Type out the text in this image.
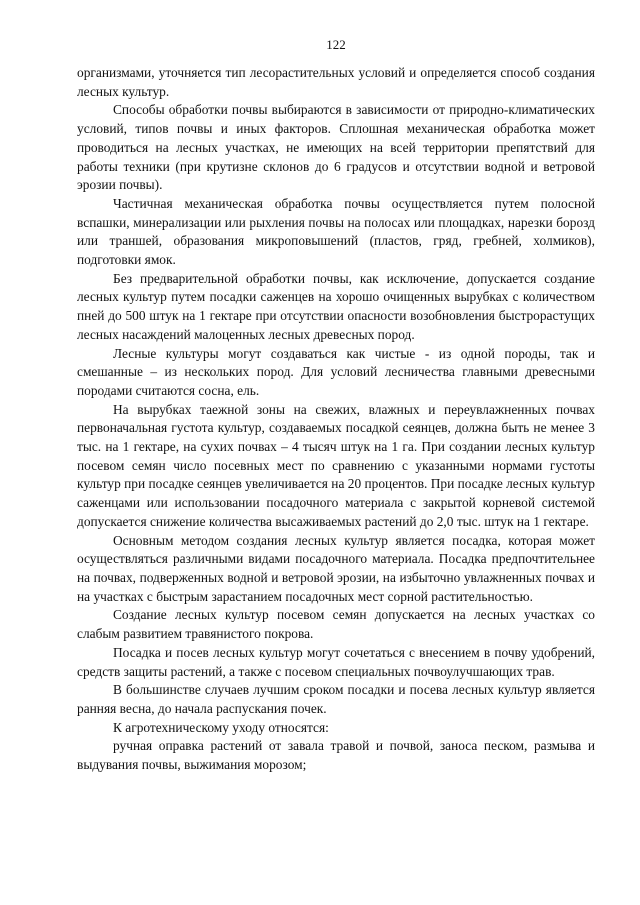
122

организмами, уточняется тип лесорастительных условий и определяется способ создания лесных культур.

Способы обработки почвы выбираются в зависимости от природно-климатических условий, типов почвы и иных факторов. Сплошная механическая обработка может проводиться на лесных участках, не имеющих на всей территории препятствий для работы техники (при крутизне склонов до 6 градусов и отсутствии водной и ветровой эрозии почвы).

Частичная механическая обработка почвы осуществляется путем полосной вспашки, минерализации или рыхления почвы на полосах или площадках, нарезки борозд или траншей, образования микроповышений (пластов, гряд, гребней, холмиков), подготовки ямок.

Без предварительной обработки почвы, как исключение, допускается создание лесных культур путем посадки саженцев на хорошо очищенных вырубках с количеством пней до 500 штук на 1 гектаре при отсутствии опасности возобновления быстрорастущих лесных насаждений малоценных лесных древесных пород.

Лесные культуры могут создаваться как чистые - из одной породы, так и смешанные – из нескольких пород. Для условий лесничества главными древесными породами считаются сосна, ель.

На вырубках таежной зоны на свежих, влажных и переувлажненных почвах первоначальная густота культур, создаваемых посадкой сеянцев, должна быть не менее 3 тыс. на 1 гектаре, на сухих почвах – 4 тысяч штук на 1 га. При создании лесных культур посевом семян число посевных мест по сравнению с указанными нормами густоты культур при посадке сеянцев увеличивается на 20 процентов. При посадке лесных культур саженцами или использовании посадочного материала с закрытой корневой системой допускается снижение количества высаживаемых растений до 2,0 тыс. штук на 1 гектаре.

Основным методом создания лесных культур является посадка, которая может осуществляться различными видами посадочного материала. Посадка предпочтительнее на почвах, подверженных водной и ветровой эрозии, на избыточно увлажненных почвах и на участках с быстрым зарастанием посадочных мест сорной растительностью.

Создание лесных культур посевом семян допускается на лесных участках со слабым развитием травянистого покрова.

Посадка и посев лесных культур могут сочетаться с внесением в почву удобрений, средств защиты растений, а также с посевом специальных почвоулучшающих трав.

В большинстве случаев лучшим сроком посадки и посева лесных культур является ранняя весна, до начала распускания почек.

К агротехническому уходу относятся:

ручная оправка растений от завала травой и почвой, заноса песком, размыва и выдувания почвы, выжимания морозом;
